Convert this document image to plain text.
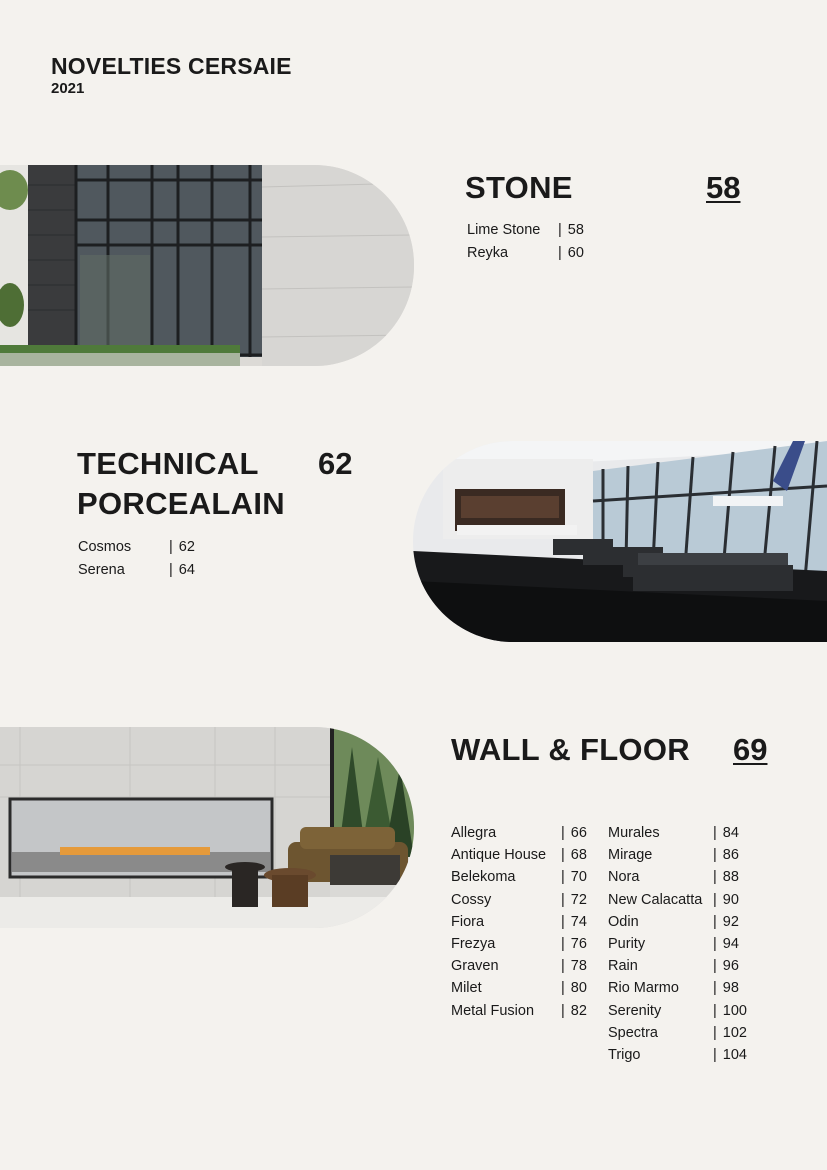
NOVELTIES CERSAIE
2021
STONE	58
Lime Stone	| 58
Reyka	| 60
TECHNICAL
PORCEALAIN
62
Cosmos	| 62
Serena	| 64
WALL & FLOOR 69
Allegra	| 66
Antique House	| 68
Belekoma	| 70
Cossy	| 72
Fiora	| 74
Frezya	| 76
Graven	| 78
Milet	| 80
Metal Fusion	| 82
Murales	| 84
Mirage	| 86
Nora	| 88
New Calacatta	| 90
Odin	| 92
Purity	| 94
Rain	| 96
Rio Marmo	| 98
Serenity	| 100
Spectra	| 102
Trigo	| 104
